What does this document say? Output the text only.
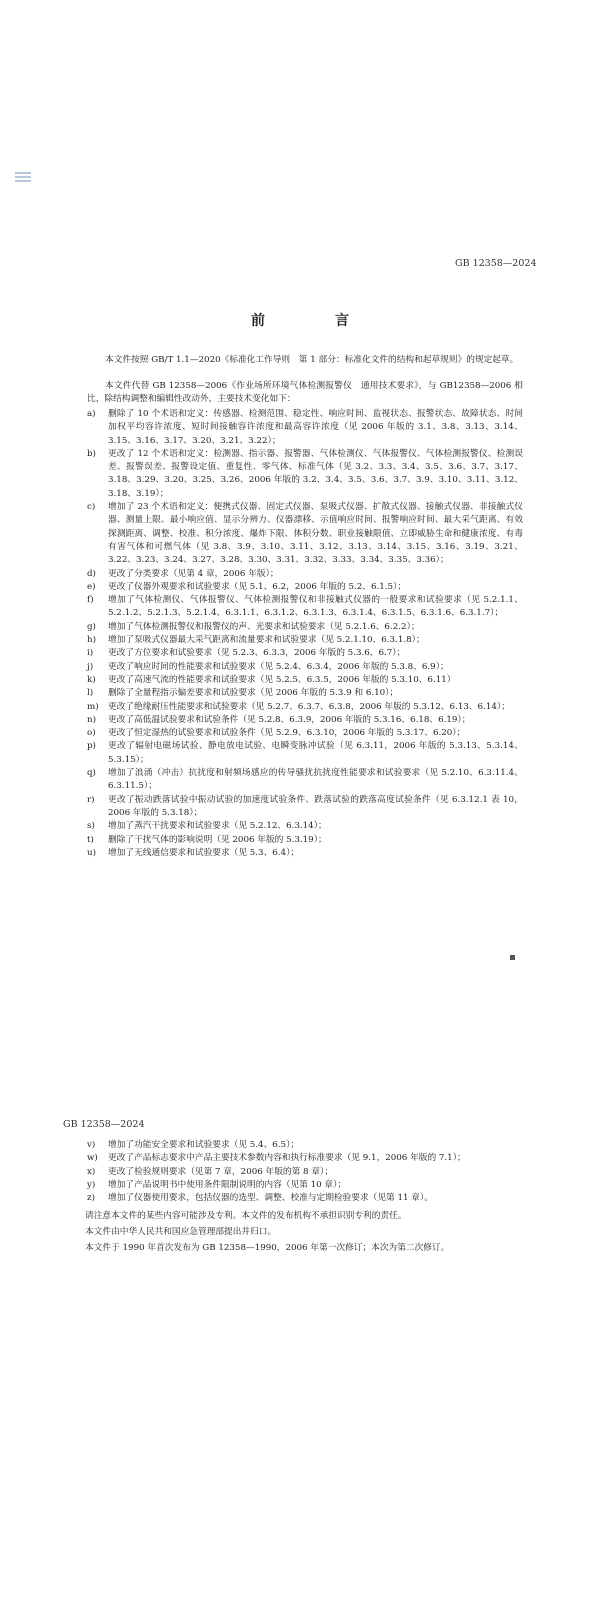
GB 12358—2024
前　言
本文件按照 GB/T 1.1—2020《标准化工作导则　第 1 部分：标准化文件的结构和起草规则》的规定起草。
本文件代替 GB 12358—2006《作业场所环境气体检测报警仪　通用技术要求》，与 GB12358—2006 相比，除结构调整和编辑性改动外，主要技术变化如下：
a)	删除了 10 个术语和定义：传感器、检测范围、稳定性、响应时间、监视状态、报警状态、故障状态、时间加权平均容许浓度、短时间接触容许浓度和最高容许浓度（见 2006 年版的 3.1、3.8、3.13、3.14、3.15、3.16、3.17、3.20、3.21、3.22）；
b)	更改了 12 个术语和定义：检测器、指示器、报警器、气体检测仪、气体报警仪、气体检测报警仪、检测误差、报警误差、报警设定值、重复性、零气体、标准气体（见 3.2、3.3、3.4、3.5、3.6、3.7、3.17、3.18、3.29、3.20、3.25、3.26、2006 年版的 3.2、3.4、3.5、3.6、3.7、3.9、3.10、3.11、3.12、3.18、3.19）；
c)	增加了 23 个术语和定义：便携式仪器、固定式仪器、泵吸式仪器、扩散式仪器、接触式仪器、非接触式仪器、测量上限、最小响应值、显示分辨力、仪器漂移、示值响应时间、报警响应时间、最大采气距离、有效探测距离、调整、校准、积分浓度、爆炸下限、体积分数、职业接触限值、立即威胁生命和健康浓度、有毒有害气体和可燃气体（见 3.8、3.9、3.10、3.11、3.12、3.13、3.14、3.15、3.16、3.19、3.21、3.22、3.23、3.24、3.27、3.28、3.30、3.31、3.32、3.33、3.34、3.35、3.36）；
d)	更改了分类要求（见第 4 章，2006 年版）；
e)	更改了仪器外观要求和试验要求（见 5.1、6.2，2006 年版的 5.2、6.1.5）；
f)	增加了气体检测仪、气体报警仪、气体检测报警仪和非接触式仪器的一般要求和试验要求（见 5.2.1.1、5.2.1.2、5.2.1.3、5.2.1.4、6.3.1.1、6.3.1.2、6.3.1.3、6.3.1.4、6.3.1.5、6.3.1.6、6.3.1.7）；
g)	增加了气体检测报警仪和报警仪的声、光要求和试验要求（见 5.2.1.6、6.2.2）；
h)	增加了泵吸式仪器最大采气距离和流量要求和试验要求（见 5.2.1.10、6.3.1.8）；
i)	更改了方位要求和试验要求（见 5.2.3、6.3.3，2006 年版的 5.3.6、6.7）；
j)	更改了响应时间的性能要求和试验要求（见 5.2.4、6.3.4，2006 年版的 5.3.8、6.9）；
k)	更改了高速气流的性能要求和试验要求（见 5.2.5、6.3.5，2006 年版的 5.3.10、6.11）
l)	删除了全量程指示偏差要求和试验要求（见 2006 年版的 5.3.9 和 6.10）；
m)	更改了绝缘耐压性能要求和试验要求（见 5.2.7、6.3.7、6.3.8，2006 年版的 5.3.12、6.13、6.14）；
n)	更改了高低温试验要求和试验条件（见 5.2.8、6.3.9，2006 年版的 5.3.16、6.18、6.19）；
o)	更改了恒定湿热的试验要求和试验条件（见 5.2.9、6.3.10，2006 年版的 5.3.17、6.20）；
p)	更改了辐射电磁场试验、静电放电试验、电瞬变脉冲试验（见 6.3.11，2006 年版的 5.3.13、5.3.14、5.3.15）；
q)	增加了浪涌（冲击）抗扰度和射频场感应的传导骚扰抗扰度性能要求和试验要求（见 5.2.10、6.3.11.4、6.3.11.5）；
r)	更改了振动跌落试验中振动试验的加速度试验条件、跌落试验的跌落高度试验条件（见 6.3.12.1 表 10，2006 年版的 5.3.18）；
s)	增加了蒸汽干扰要求和试验要求（见 5.2.12、6.3.14）；
t)	删除了干扰气体的影响说明（见 2006 年版的 5.3.19）；
u)	增加了无线通信要求和试验要求（见 5.3、6.4）；
GB 12358—2024
v)	增加了功能安全要求和试验要求（见 5.4、6.5）；
w)	更改了产品标志要求中产品主要技术参数内容和执行标准要求（见 9.1，2006 年版的 7.1）；
x)	更改了检验规则要求（见第 7 章，2006 年版的第 8 章）；
y)	增加了产品说明书中使用条件限制说明的内容（见第 10 章）；
z)	增加了仪器使用要求，包括仪器的选型、调整、校准与定期检验要求（见第 11 章）。
请注意本文件的某些内容可能涉及专利。本文件的发布机构不承担识别专利的责任。
本文件由中华人民共和国应急管理部提出并归口。
本文件于 1990 年首次发布为 GB 12358—1990，2006 年第一次修订；本次为第二次修订。
